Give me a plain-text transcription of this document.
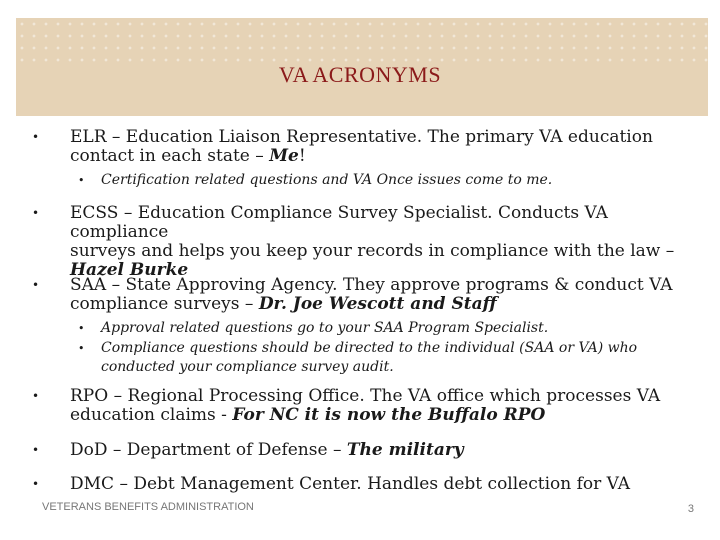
VA ACRONYMS
• ELR – Education Liaison Representative. The primary VA education
contact in each state – Me!
• Certification related questions and VA Once issues come to me.
• ECSS – Education Compliance Survey Specialist. Conducts VA compliance
surveys and helps you keep your records in compliance with the law –
Hazel Burke
• SAA – State Approving Agency. They approve programs & conduct VA
compliance surveys – Dr. Joe Wescott and Staff
• Approval related questions go to your SAA Program Specialist.
• Compliance questions should be directed to the individual (SAA or VA) who conducted your compliance survey audit.
• RPO – Regional Processing Office. The VA office which processes VA
education claims - For NC it is now the Buffalo RPO
• DoD – Department of Defense – The military
• DMC – Debt Management Center. Handles debt collection for VA
VETERANS BENEFITS ADMINISTRATION	3
